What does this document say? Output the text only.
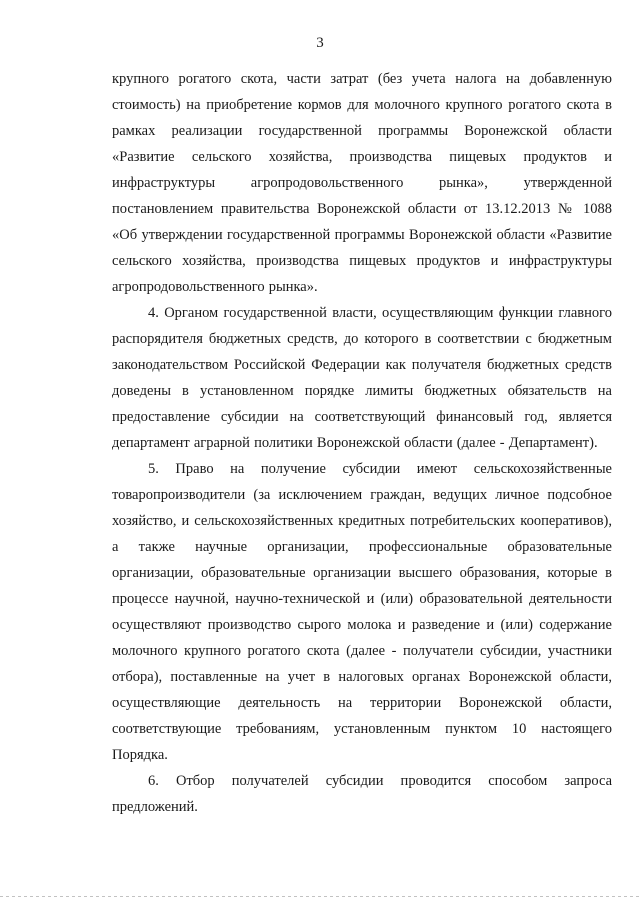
3

крупного рогатого скота, части затрат (без учета налога на добавленную стоимость) на приобретение кормов для молочного крупного рогатого скота в рамках реализации государственной программы Воронежской области «Развитие сельского хозяйства, производства пищевых продуктов и инфраструктуры агропродовольственного рынка», утвержденной постановлением правительства Воронежской области от 13.12.2013 № 1088 «Об утверждении государственной программы Воронежской области «Развитие сельского хозяйства, производства пищевых продуктов и инфраструктуры агропродовольственного рынка».

4. Органом государственной власти, осуществляющим функции главного распорядителя бюджетных средств, до которого в соответствии с бюджетным законодательством Российской Федерации как получателя бюджетных средств доведены в установленном порядке лимиты бюджетных обязательств на предоставление субсидии на соответствующий финансовый год, является департамент аграрной политики Воронежской области (далее - Департамент).

5. Право на получение субсидии имеют сельскохозяйственные товаропроизводители (за исключением граждан, ведущих личное подсобное хозяйство, и сельскохозяйственных кредитных потребительских кооперативов), а также научные организации, профессиональные образовательные организации, образовательные организации высшего образования, которые в процессе научной, научно-технической и (или) образовательной деятельности осуществляют производство сырого молока и разведение и (или) содержание молочного крупного рогатого скота (далее - получатели субсидии, участники отбора), поставленные на учет в налоговых органах Воронежской области, осуществляющие деятельность на территории Воронежской области, соответствующие требованиям, установленным пунктом 10 настоящего Порядка.

6. Отбор получателей субсидии проводится способом запроса предложений.
